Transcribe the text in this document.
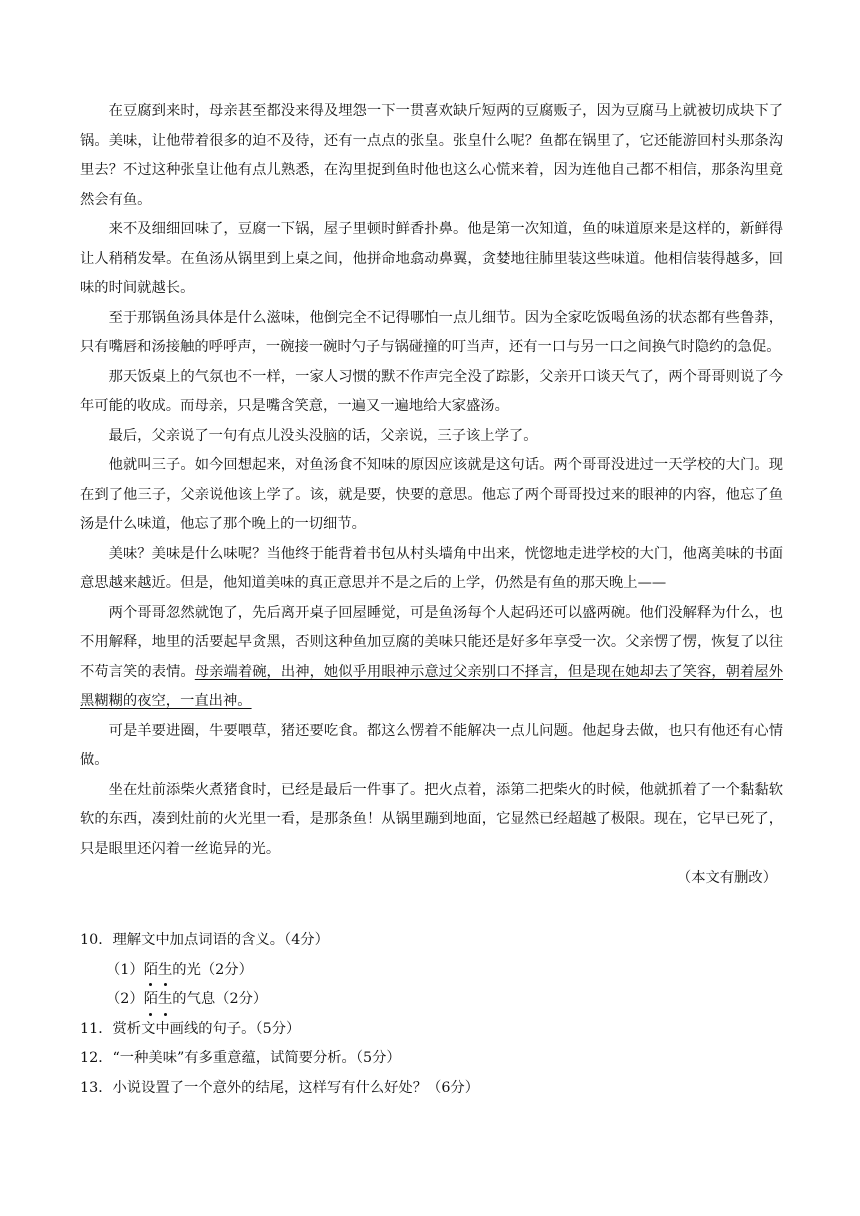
在豆腐到来时，母亲甚至都没来得及埋怨一下一贯喜欢缺斤短两的豆腐贩子，因为豆腐马上就被切成块下了锅。美味，让他带着很多的迫不及待，还有一点点的张皇。张皇什么呢？鱼都在锅里了，它还能游回村头那条沟里去？不过这种张皇让他有点儿熟悉，在沟里捉到鱼时他也这么心慌来着，因为连他自己都不相信，那条沟里竟然会有鱼。

来不及细细回味了，豆腐一下锅，屋子里顿时鲜香扑鼻。他是第一次知道，鱼的味道原来是这样的，新鲜得让人稍稍发晕。在鱼汤从锅里到上桌之间，他拼命地翕动鼻翼，贪婪地往肺里装这些味道。他相信装得越多，回味的时间就越长。

至于那锅鱼汤具体是什么滋味，他倒完全不记得哪怕一点儿细节。因为全家吃饭喝鱼汤的状态都有些鲁莽，只有嘴唇和汤接触的呼呼声，一碗接一碗时勺子与锅碰撞的叮当声，还有一口与另一口之间换气时隐约的急促。

那天饭桌上的气氛也不一样，一家人习惯的默不作声完全没了踪影，父亲开口谈天气了，两个哥哥则说了今年可能的收成。而母亲，只是嘴含笑意，一遍又一遍地给大家盛汤。

最后，父亲说了一句有点儿没头没脑的话，父亲说，三子该上学了。

他就叫三子。如今回想起来，对鱼汤食不知味的原因应该就是这句话。两个哥哥没进过一天学校的大门。现在到了他三子，父亲说他该上学了。该，就是要，快要的意思。他忘了两个哥哥投过来的眼神的内容，他忘了鱼汤是什么味道，他忘了那个晚上的一切细节。

美味？美味是什么味呢？当他终于能背着书包从村头墙角中出来，恍惚地走进学校的大门，他离美味的书面意思越来越近。但是，他知道美味的真正意思并不是之后的上学，仍然是有鱼的那天晚上——

两个哥哥忽然就饱了，先后离开桌子回屋睡觉，可是鱼汤每个人起码还可以盛两碗。他们没解释为什么，也不用解释，地里的活要起早贪黑，否则这种鱼加豆腐的美味只能还是好多年享受一次。父亲愣了愣，恢复了以往不苟言笑的表情。母亲端着碗，出神，她似乎用眼神示意过父亲别口不择言，但是现在她却去了笑容，朝着屋外黑糊糊的夜空，一直出神。

可是羊要进圈，牛要喂草，猪还要吃食。都这么愣着不能解决一点儿问题。他起身去做，也只有他还有心情做。

坐在灶前添柴火煮猪食时，已经是最后一件事了。把火点着，添第二把柴火的时候，他就抓着了一个黏黏软软的东西，凑到灶前的火光里一看，是那条鱼！从锅里蹦到地面，它显然已经超越了极限。现在，它早已死了，只是眼里还闪着一丝诡异的光。

（本文有删改）

10．理解文中加点词语的含义。（4分）

（1）陌生的光（2分）

（2）陌生的气息（2分）

11．赏析文中画线的句子。（5分）

12．“一种美味”有多重意蕴，试简要分析。（5分）

13．小说设置了一个意外的结尾，这样写有什么好处？（6分）
